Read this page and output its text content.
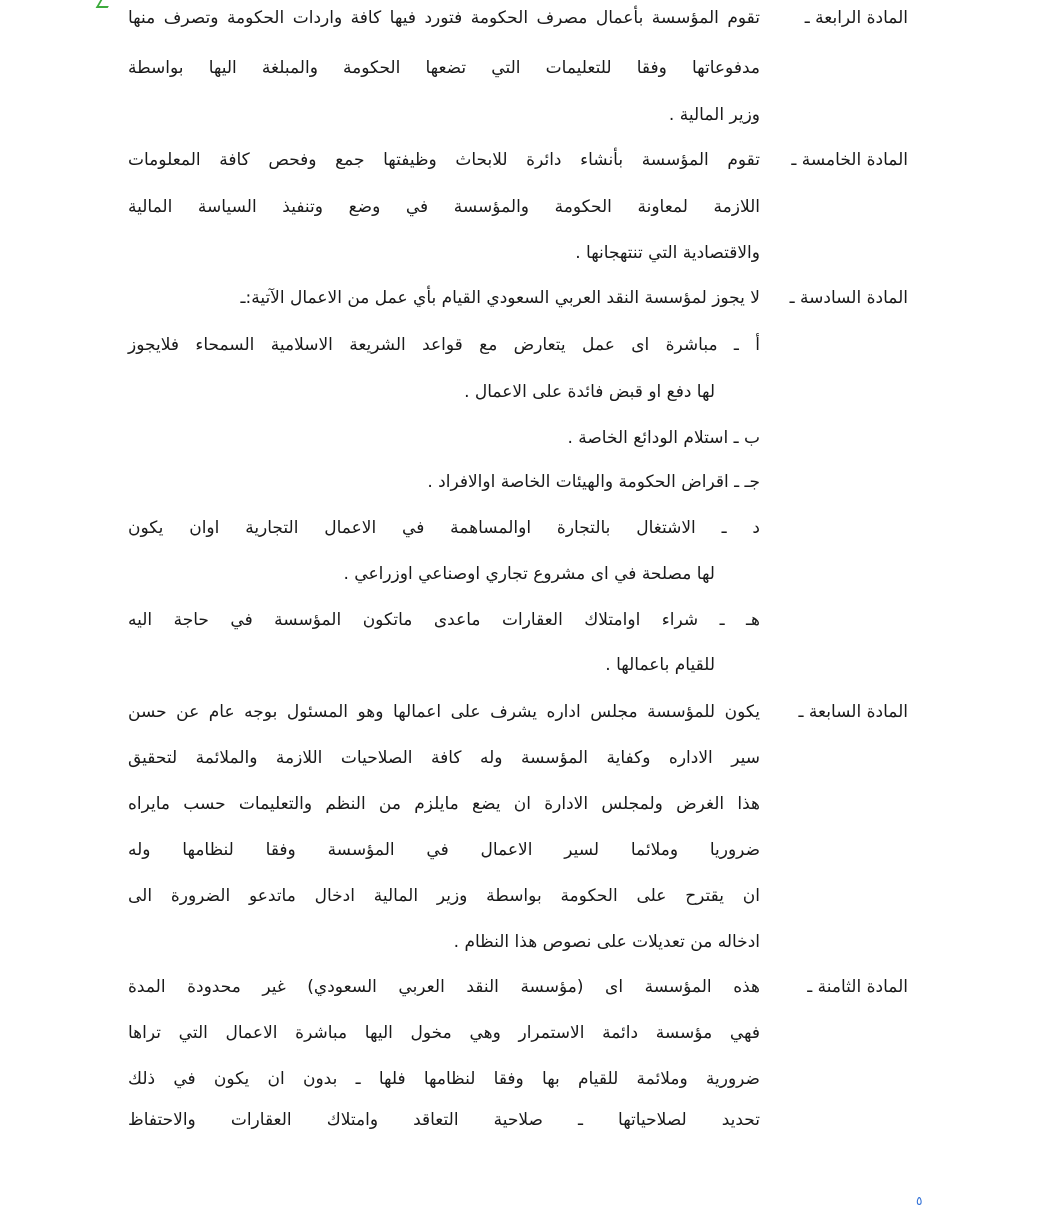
المادة الرابعة ـ
تقوم المؤسسة بأعمال مصرف الحكومة فتورد فيها كافة واردات الحكومة وتصرف منها
مدفوعاتها وفقا للتعليمات التي تضعها الحكومة والمبلغة اليها بواسطة
وزير المالية .
المادة الخامسة ـ
تقوم المؤسسة بأنشاء دائرة للابحاث وظيفتها جمع وفحص كافة المعلومات
اللازمة لمعاونة الحكومة والمؤسسة في وضع وتنفيذ السياسة المالية
والاقتصادية التي تنتهجانها .
المادة السادسة ـ
لا يجوز لمؤسسة النقد العربي السعودي القيام بأي عمل من الاعمال الآتية:ـ
أ ـ مباشرة اى عمل يتعارض مع قواعد الشريعة الاسلامية السمحاء فلايجوز
لها دفع او قبض فائدة على الاعمال .
ب ـ استلام الودائع الخاصة .
جـ ـ اقراض الحكومة والهيئات الخاصة اوالافراد .
د ـ الاشتغال بالتجارة اوالمساهمة في الاعمال التجارية اوان يكون
لها مصلحة في اى مشروع تجاري اوصناعي اوزراعي .
هـ ـ شراء اوامتلاك العقارات ماعدى ماتكون المؤسسة في حاجة اليه
للقيام باعمالها .
المادة السابعة ـ
يكون للمؤسسة مجلس اداره يشرف على اعمالها وهو المسئول بوجه عام عن حسن
سير الاداره وكفاية المؤسسة وله كافة الصلاحيات اللازمة والملائمة لتحقيق
هذا الغرض ولمجلس الادارة ان يضع مايلزم من النظم والتعليمات حسب مايراه
ضروريا وملائما لسير الاعمال في المؤسسة وفقا لنظامها وله
ان يقترح على الحكومة بواسطة وزير المالية ادخال ماتدعو الضرورة الى
ادخاله من تعديلات على نصوص هذا النظام .
المادة الثامنة ـ
هذه المؤسسة اى (مؤسسة النقد العربي السعودي) غير محدودة المدة
فهي مؤسسة دائمة الاستمرار وهي مخول اليها مباشرة الاعمال التي تراها
ضرورية وملائمة للقيام بها وفقا لنظامها فلها ـ بدون ان يكون في ذلك
تحديد لصلاحياتها ـ صلاحية التعاقد وامتلاك العقارات والاحتفاظ
٥
